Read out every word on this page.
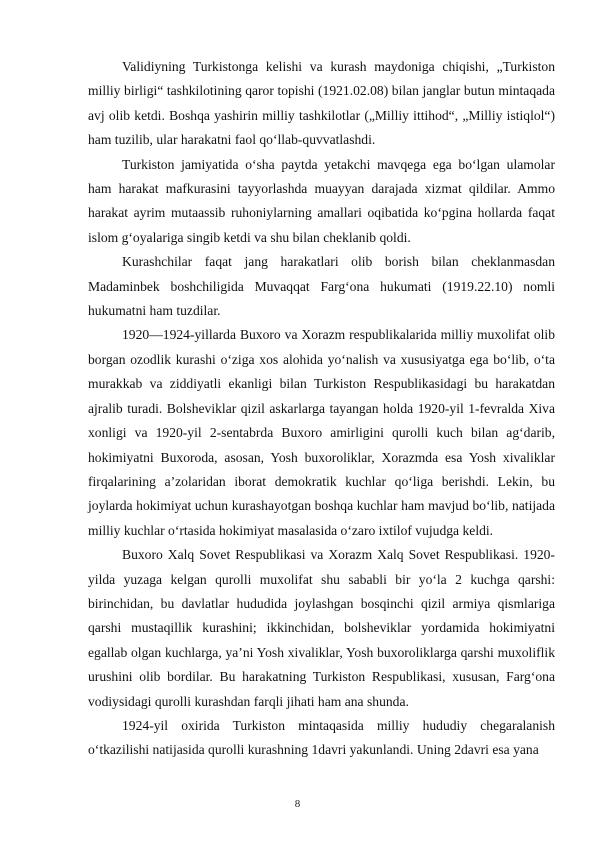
Validiyning Turkistonga kelishi va kurash maydoniga chiqishi, „Turkiston milliy birligi“ tashkilotining qaror topishi (1921.02.08) bilan janglar butun mintaqada avj olib ketdi. Boshqa yashirin milliy tashkilotlar („Milliy ittihod“, „Milliy istiqlol“) ham tuzilib, ular harakatni faol qo‘llab-quvvatlashdi.

Turkiston jamiyatida o‘sha paytda yetakchi mavqega ega bo‘lgan ulamolar ham harakat mafkurasini tayyorlashda muayyan darajada xizmat qildilar. Ammo harakat ayrim mutaassib ruhoniylarning amallari oqibatida ko‘pgina hollarda faqat islom g‘oyalariga singib ketdi va shu bilan cheklanib qoldi.

Kurashchilar faqat jang harakatlari olib borish bilan cheklanmasdan Madaminbek boshchiligida Muvaqqat Farg‘ona hukumati (1919.22.10) nomli hukumatni ham tuzdilar.

1920—1924-yillarda Buxoro va Xorazm respublikalarida milliy muxolifat olib borgan ozodlik kurashi o‘ziga xos alohida yo‘nalish va xususiyatga ega bo‘lib, o‘ta murakkab va ziddiyatli ekanligi bilan Turkiston Respublikasidagi bu harakatdan ajralib turadi. Bolsheviklar qizil askarlarga tayangan holda 1920-yil 1-fevralda Xiva xonligi va 1920-yil 2-sentabrda Buxoro amirligini qurolli kuch bilan ag‘darib, hokimiyatni Buxoroda, asosan, Yosh buxoroliklar, Xorazmda esa Yosh xivaliklar firqalarining a’zolaridan iborat demokratik kuchlar qo‘liga berishdi. Lekin, bu joylarda hokimiyat uchun kurashayotgan boshqa kuchlar ham mavjud bo‘lib, natijada milliy kuchlar o‘rtasida hokimiyat masalasida o‘zaro ixtilof vujudga keldi.

Buxoro Xalq Sovet Respublikasi va Xorazm Xalq Sovet Respublikasi. 1920-yilda yuzaga kelgan qurolli muxolifat shu sababli bir yo‘la 2 kuchga qarshi: birinchidan, bu davlatlar hududida joylashgan bosqinchi qizil armiya qismlariga qarshi mustaqillik kurashini; ikkinchidan, bolsheviklar yordamida hokimiyatni egallab olgan kuchlarga, ya’ni Yosh xivaliklar, Yosh buxoroliklarga qarshi muxoliflik urushini olib bordilar. Bu harakatning Turkiston Respublikasi, xususan, Farg‘ona vodiysidagi qurolli kurashdan farqli jihati ham ana shunda.

1924-yil oxirida Turkiston mintaqasida milliy hududiy chegaralanish o‘tkazilishi natijasida qurolli kurashning 1davri yakunlandi. Uning 2davri esa yana

8
